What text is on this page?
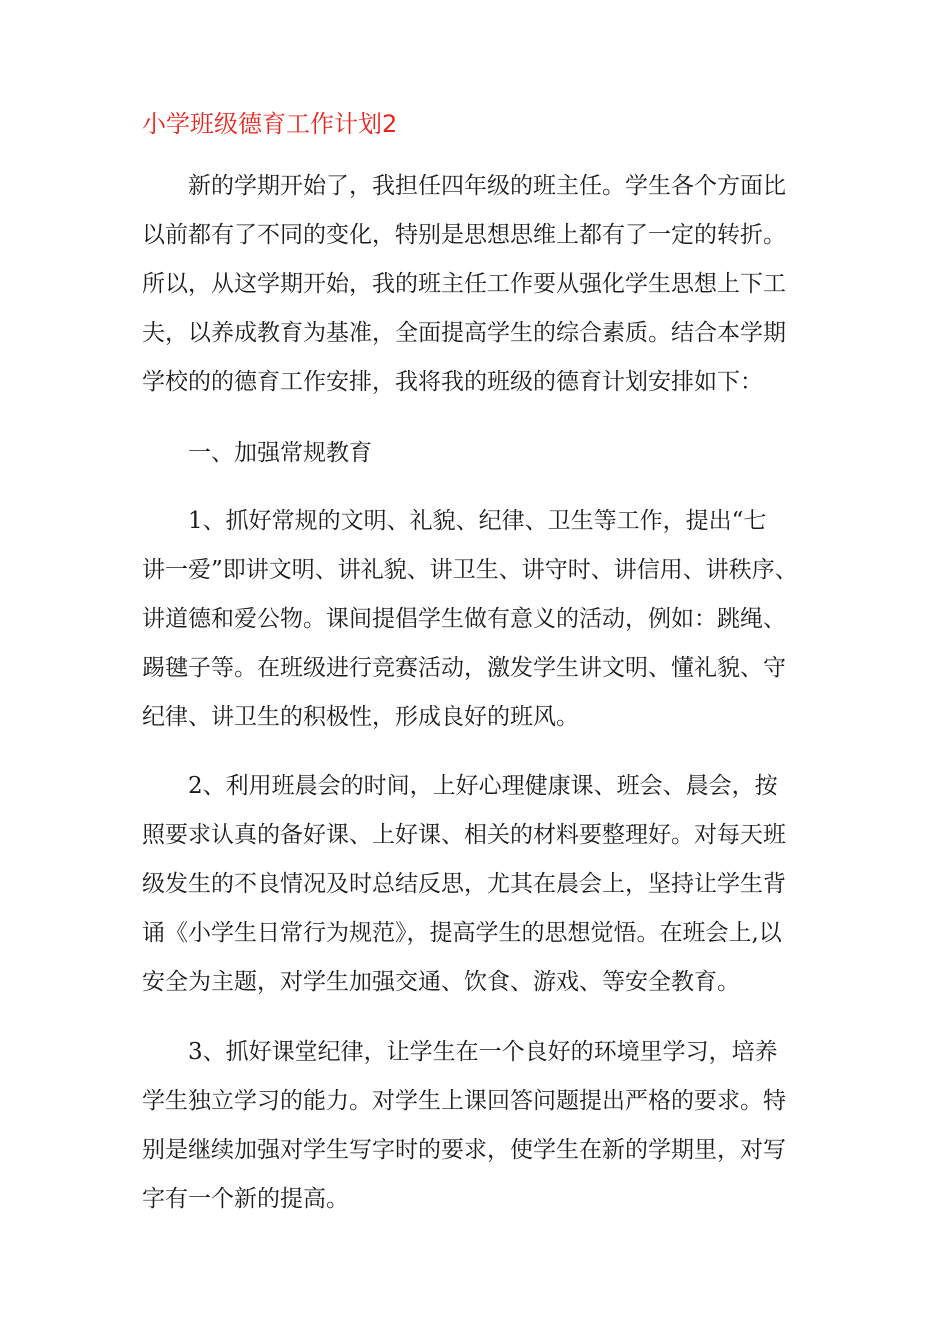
小学班级德育工作计划2

新的学期开始了，我担任四年级的班主任。学生各个方面比
以前都有了不同的变化，特别是思想思维上都有了一定的转折。
所以，从这学期开始，我的班主任工作要从强化学生思想上下工
夫，以养成教育为基准，全面提高学生的综合素质。结合本学期
学校的的德育工作安排，我将我的班级的德育计划安排如下：

一、加强常规教育

1、抓好常规的文明、礼貌、纪律、卫生等工作，提出“七
讲一爱”即讲文明、讲礼貌、讲卫生、讲守时、讲信用、讲秩序、
讲道德和爱公物。课间提倡学生做有意义的活动，例如：跳绳、
踢毽子等。在班级进行竞赛活动，激发学生讲文明、懂礼貌、守
纪律、讲卫生的积极性，形成良好的班风。

2、利用班晨会的时间，上好心理健康课、班会、晨会，按
照要求认真的备好课、上好课、相关的材料要整理好。对每天班
级发生的不良情况及时总结反思，尤其在晨会上，坚持让学生背
诵《小学生日常行为规范》，提高学生的思想觉悟。在班会上,以
安全为主题，对学生加强交通、饮食、游戏、等安全教育。

3、抓好课堂纪律，让学生在一个良好的环境里学习，培养
学生独立学习的能力。对学生上课回答问题提出严格的要求。特
别是继续加强对学生写字时的要求，使学生在新的学期里，对写
字有一个新的提高。
